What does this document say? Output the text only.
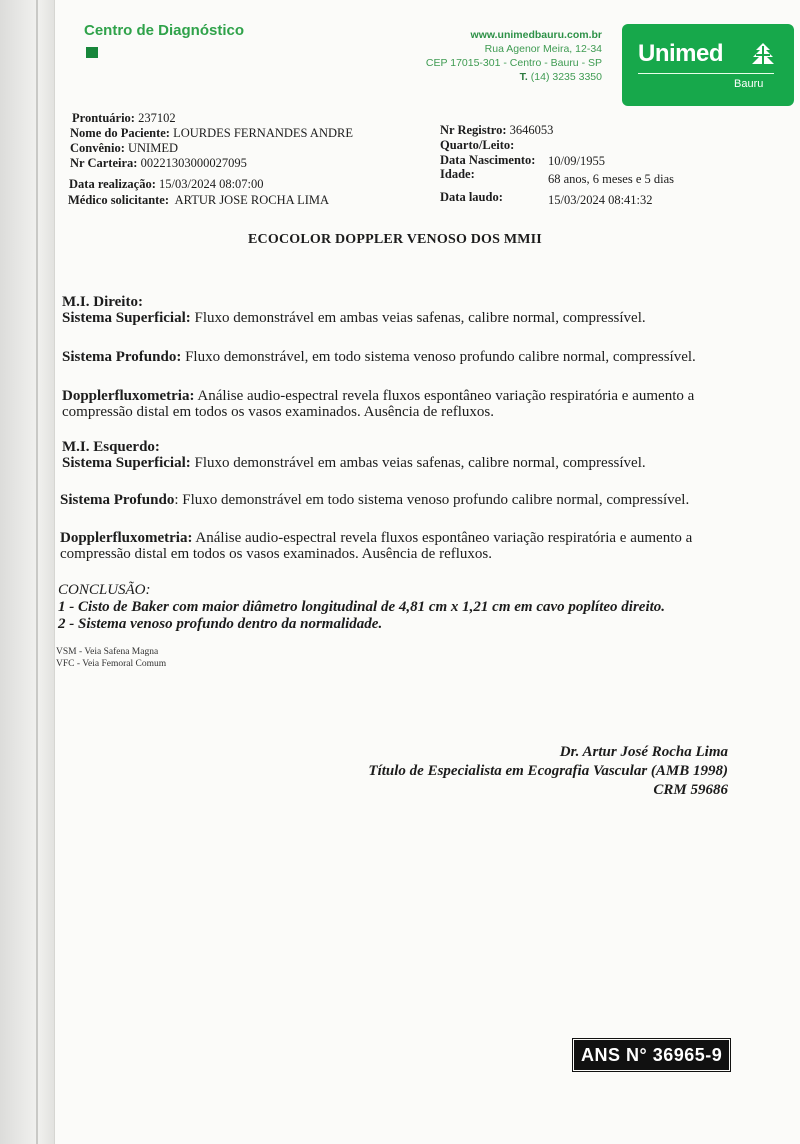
Centro de Diagnóstico	www.unimedbauru.com.br
Rua Agenor Meira, 12-34
CEP 17015-301 - Centro - Bauru - SP
T. (14) 3235 3350
Unimed
Bauru
Prontuário: 237102
Nome do Paciente: LOURDES FERNANDES ANDRE
Convênio: UNIMED
Nr Carteira: 00221303000027095
Data realização: 15/03/2024 08:07:00
Médico solicitante: ARTUR JOSE ROCHA LIMA
Nr Registro: 3646053
Quarto/Leito:
Data Nascimento: 10/09/1955
Idade:	68 anos, 6 meses e 5 dias
Data laudo:	15/03/2024 08:41:32
ECOCOLOR DOPPLER VENOSO DOS MMII

M.I. Direito:

Sistema Superficial: Fluxo demonstrável em ambas veias safenas, calibre normal, compressível.

Sistema Profundo: Fluxo demonstrável, em todo sistema venoso profundo calibre normal, compressível.
Dopplerfluxometria: Análise audio-espectral revela fluxos espontâneo variação respiratória e aumento a compressão distal em todos os vasos examinados. Ausência de refluxos.

M.I. Esquerdo:

Sistema Superficial: Fluxo demonstrável em ambas veias safenas, calibre normal, compressível.

Sistema Profundo: Fluxo demonstrável em todo sistema venoso profundo calibre normal, compressível.
Dopplerfluxometria: Análise audio-espectral revela fluxos espontâneo variação respiratória e aumento a compressão distal em todos os vasos examinados. Ausência de refluxos.
CONCLUSÃO:
1 - Cisto de Baker com maior diâmetro longitudinal de 4,81 cm x 1,21 cm em cavo poplíteo direito.
2 - Sistema venoso profundo dentro da normalidade.
VSM - Veia Safena Magna
VFC - Veia Femoral Comum
Dr. Artur José Rocha Lima
Título de Especialista em Ecografia Vascular (AMB 1998)
CRM 59686
ANS N° 36965-9
